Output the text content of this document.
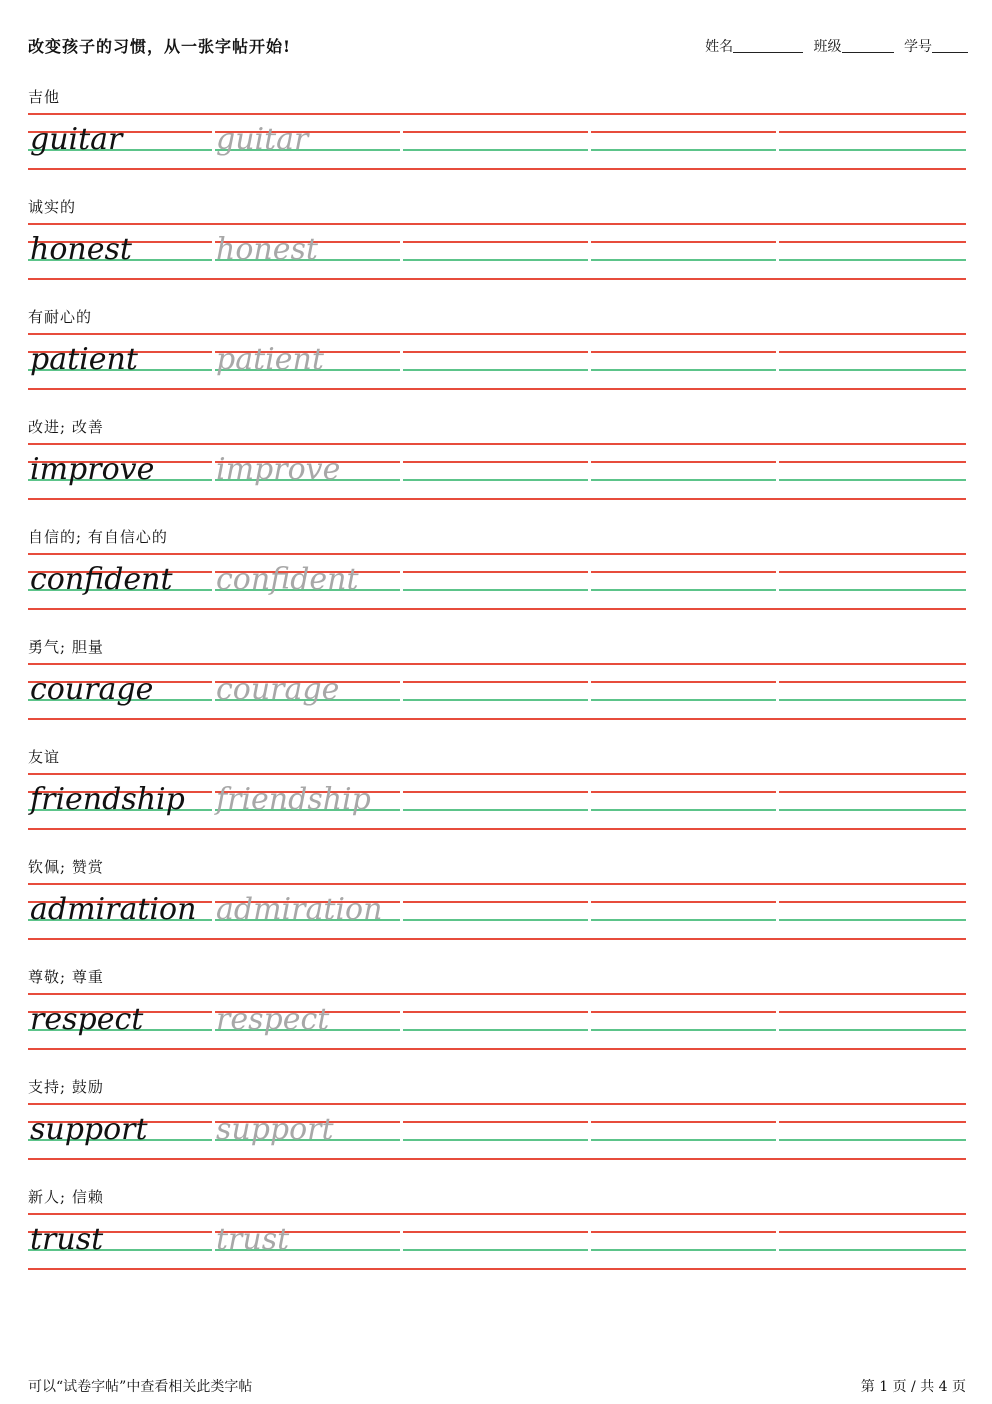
改变孩子的习惯，从一张字帖开始!	姓名	班级	学号
吉他
guitar	guitar
诚实的
honest	honest
有耐心的
patient	patient
改进; 改善
improve improve
自信的; 有自信心的
confident confident
勇气; 胆量
courage courage
友谊
friendship friendship
钦佩; 赞赏
admiration admiration
尊敬; 尊重
respect respect
支持; 鼓励
support support
新人; 信赖
trust	trust
可以“试卷字帖”中查看相关此类字帖	第 1 页 / 共 4 页
